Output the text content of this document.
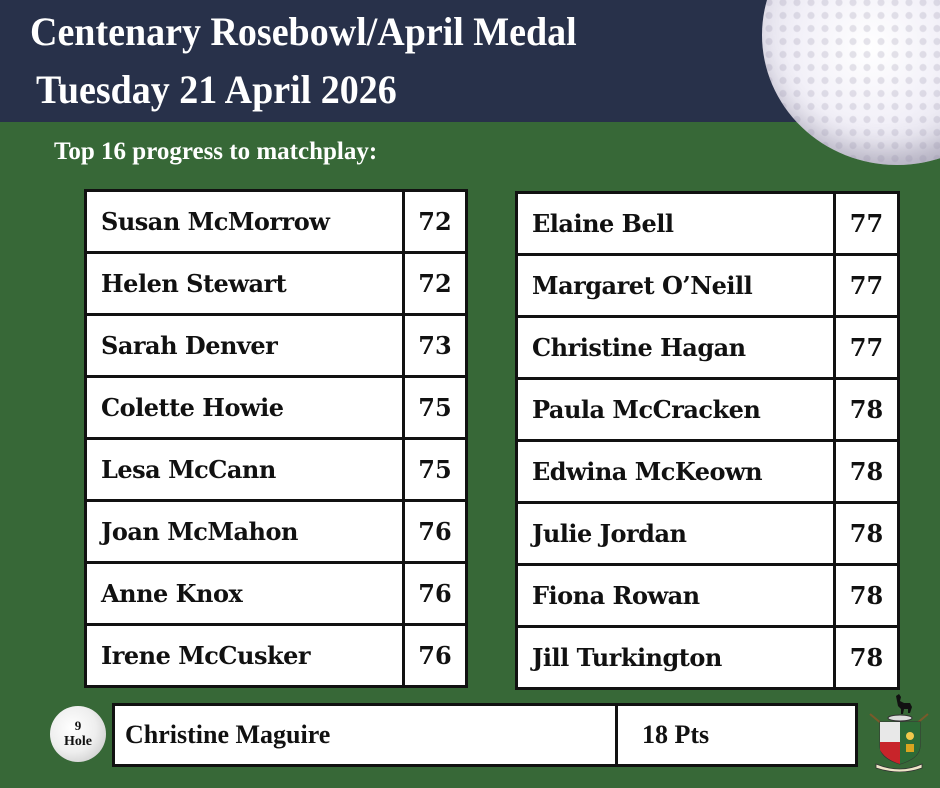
Centenary Rosebowl/April Medal
Tuesday 21 April 2026
Top 16 progress to matchplay:
Susan McMorrow	72
Helen Stewart	72
Sarah Denver	73
Colette Howie	75
Lesa McCann	75
Joan McMahon	76
Anne Knox	76
Irene McCusker	76
Elaine Bell	77
Margaret O’Neill	77
Christine Hagan	77
Paula McCracken	78
Edwina McKeown	78
Julie Jordan	78
Fiona Rowan	78
Jill Turkington	78
9
Hole	Christine Maguire	18 Pts
